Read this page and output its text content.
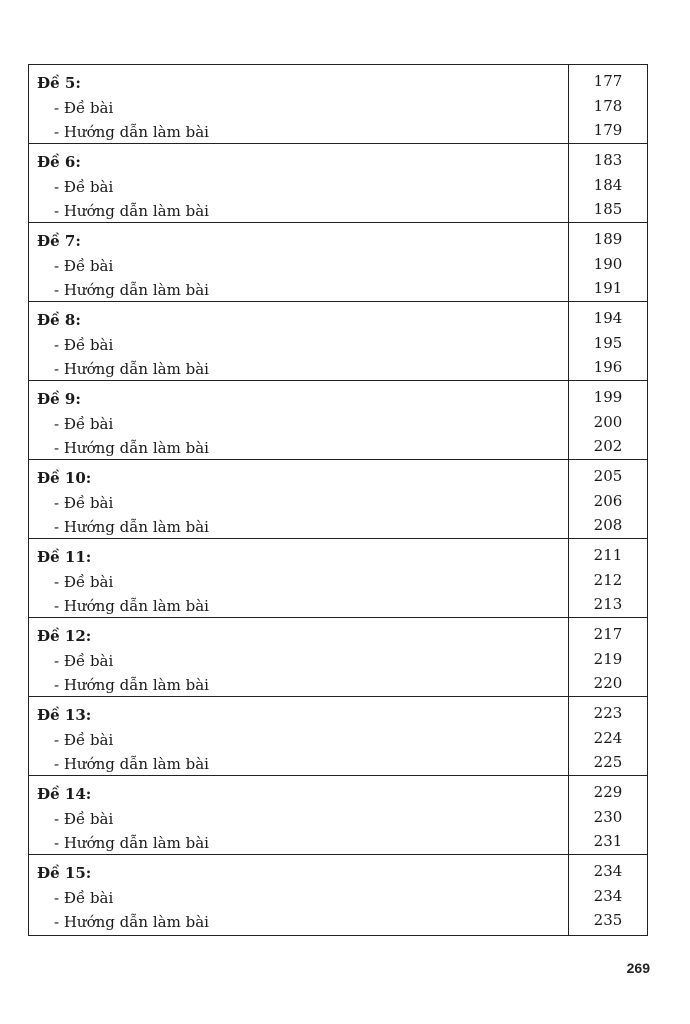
Đề 5:
- Đề bài
- Hướng dẫn làm bài
177
178
179
Đề 6:
- Đề bài
- Hướng dẫn làm bài
183
184
185
Đề 7:
- Đề bài
- Hướng dẫn làm bài
189
190
191
Đề 8:
- Đề bài
- Hướng dẫn làm bài
194
195
196
Đề 9:
- Đề bài
- Hướng dẫn làm bài
199
200
202
Đề 10:
- Đề bài
- Hướng dẫn làm bài
205
206
208
Đề 11:
- Đề bài
- Hướng dẫn làm bài
211
212
213
Đề 12:
- Đề bài
- Hướng dẫn làm bài
217
219
220
Đề 13:
- Đề bài
- Hướng dẫn làm bài
223
224
225
Đề 14:
- Đề bài
- Hướng dẫn làm bài
229
230
231
Đề 15:
- Đề bài
- Hướng dẫn làm bài
234
234
235
269
